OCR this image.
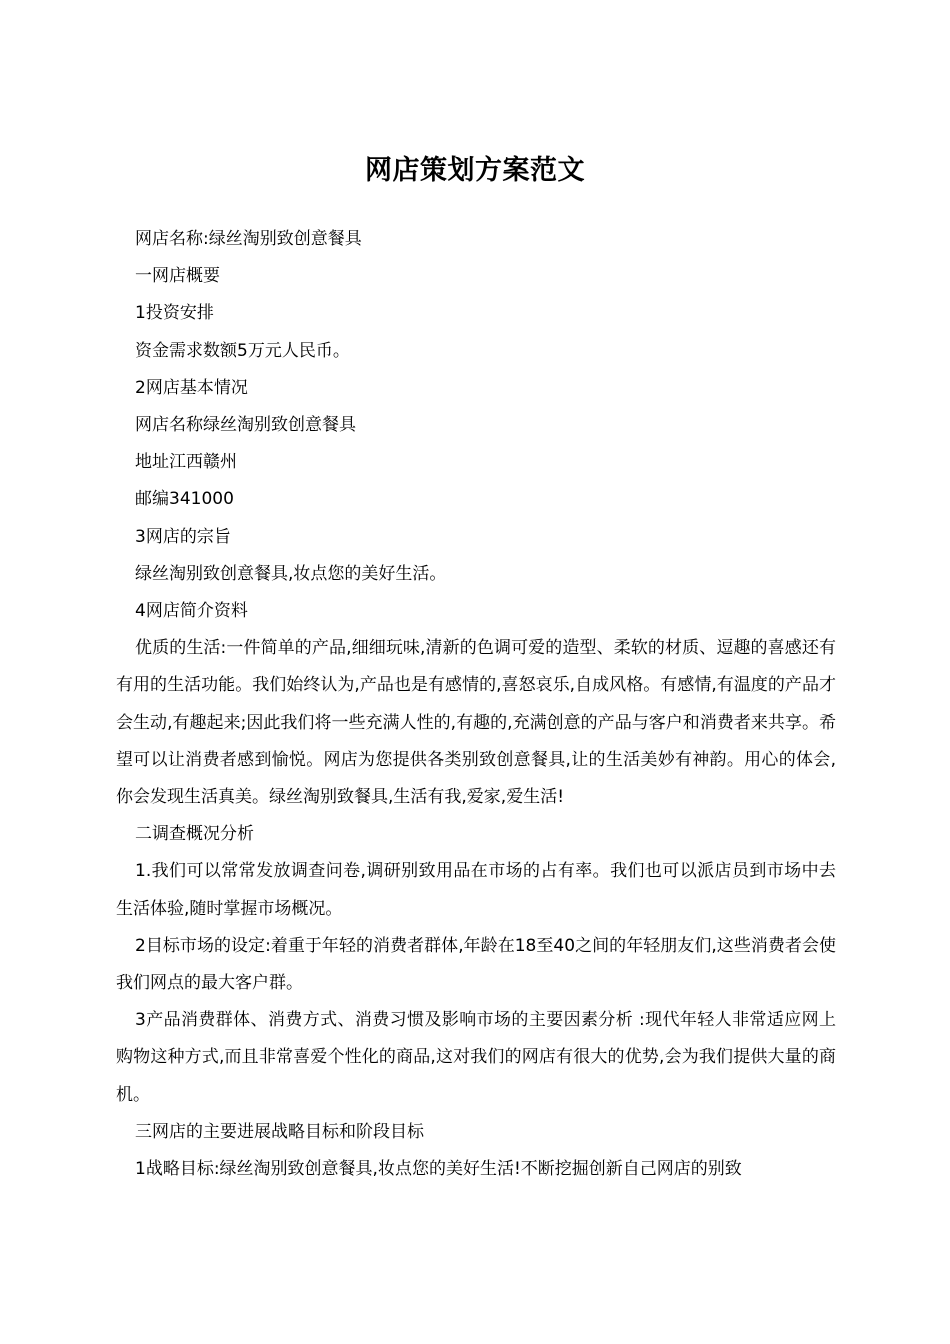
网店策划方案范文

网店名称:绿丝淘别致创意餐具

一网店概要

1投资安排

资金需求数额5万元人民币。

2网店基本情况

网店名称绿丝淘别致创意餐具

地址江西赣州

邮编341000

3网店的宗旨

绿丝淘别致创意餐具,妆点您的美好生活。

4网店简介资料

优质的生活:一件简单的产品,细细玩味,清新的色调可爱的造型、柔软的材质、逗趣的喜感还有有用的生活功能。我们始终认为,产品也是有感情的,喜怒哀乐,自成风格。有感情,有温度的产品才会生动,有趣起来;因此我们将一些充满人性的,有趣的,充满创意的产品与客户和消费者来共享。希望可以让消费者感到愉悦。网店为您提供各类别致创意餐具,让的生活美妙有神韵。用心的体会,你会发现生活真美。绿丝淘别致餐具,生活有我,爱家,爱生活!

二调查概况分析

1.我们可以常常发放调查问卷,调研别致用品在市场的占有率。我们也可以派店员到市场中去生活体验,随时掌握市场概况。

2目标市场的设定:着重于年轻的消费者群体,年龄在18至40之间的年轻朋友们,这些消费者会使我们网点的最大客户群。

3产品消费群体、消费方式、消费习惯及影响市场的主要因素分析 :现代年轻人非常适应网上购物这种方式,而且非常喜爱个性化的商品,这对我们的网店有很大的优势,会为我们提供大量的商机。

三网店的主要进展战略目标和阶段目标

1战略目标:绿丝淘别致创意餐具,妆点您的美好生活!不断挖掘创新自己网店的别致
